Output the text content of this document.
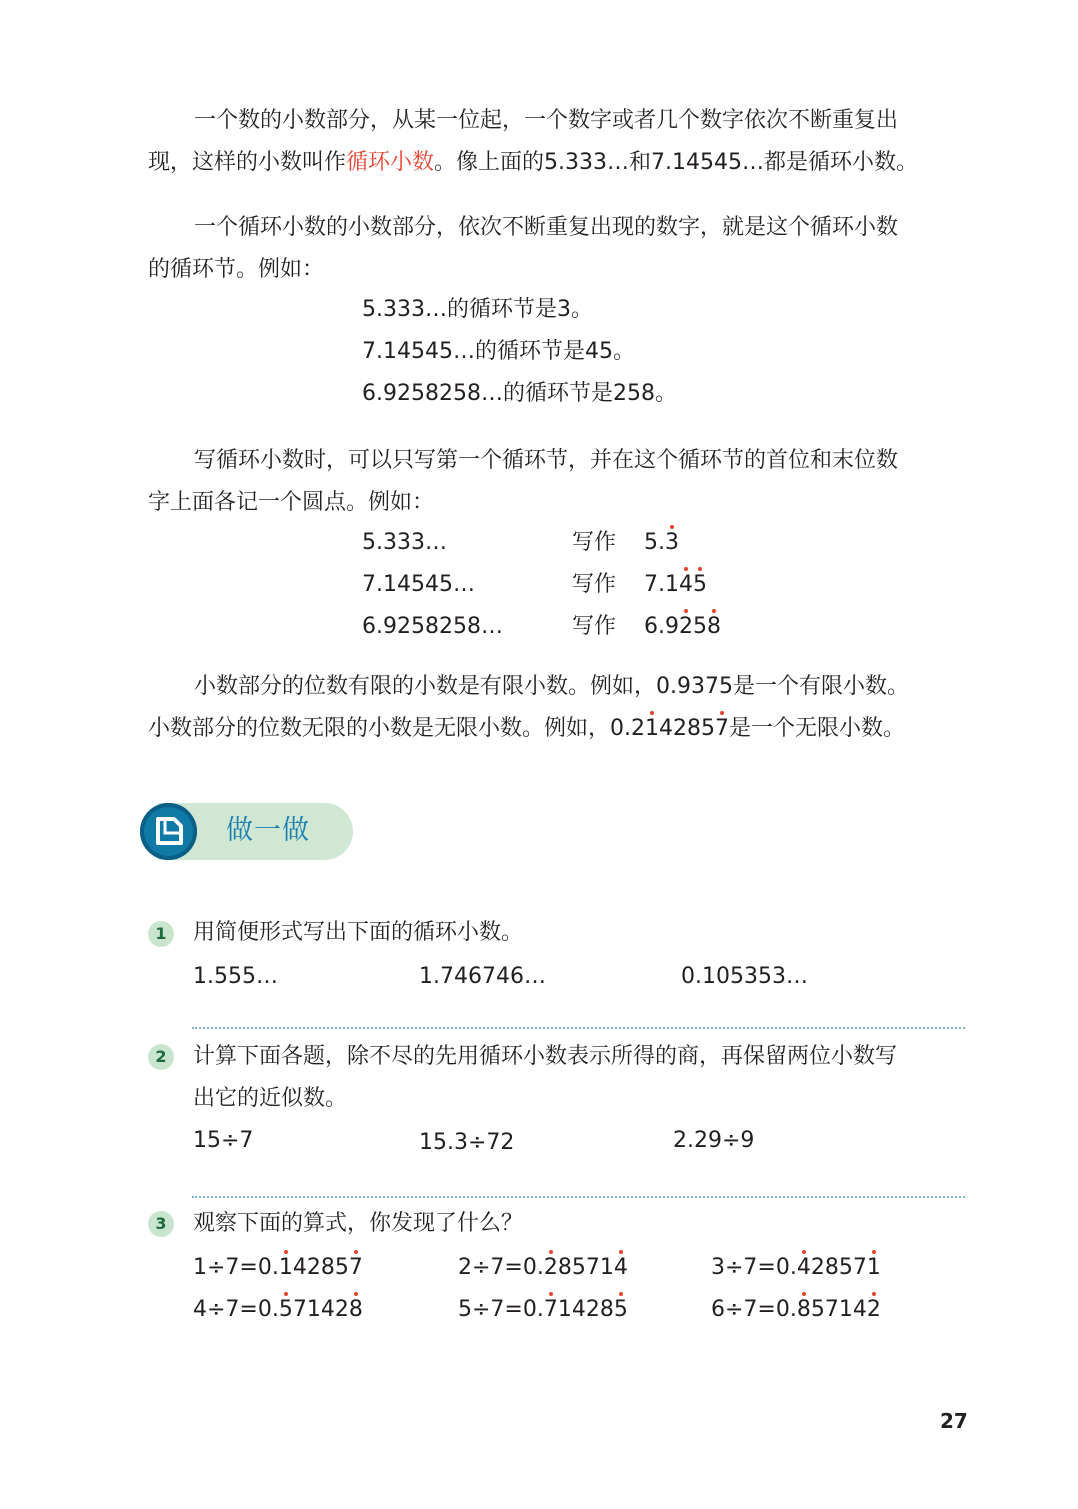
一个数的小数部分，从某一位起，一个数字或者几个数字依次不断重复出
现，这样的小数叫作循环小数。像上面的5.333…和7.14545…都是循环小数。

一个循环小数的小数部分，依次不断重复出现的数字，就是这个循环小数
的循环节。例如：

5.333…的循环节是3。
7.14545…的循环节是45。
6.9258258…的循环节是258。

写循环小数时，可以只写第一个循环节，并在这个循环节的首位和末位数
字上面各记一个圆点。例如：

5.333…	写作 5.3
7.14545…	写作 7.145
6.9258258…	写作 6.9258

小数部分的位数有限的小数是有限小数。例如，0.9375是一个有限小数。
小数部分的位数无限的小数是无限小数。例如，0.2142857是一个无限小数。

做一做
1	用简便形式写出下面的循环小数。
1.555…	1.746746…	0.105353…
2	计算下面各题，除不尽的先用循环小数表示所得的商，再保留两位小数写
出它的近似数。
15÷7	15.3÷72	2.29÷9
3	观察下面的算式，你发现了什么？
1÷7=0.142857	2÷7=0.285714	3÷7=0.428571
4÷7=0.571428	5÷7=0.714285	6÷7=0.857142
27
